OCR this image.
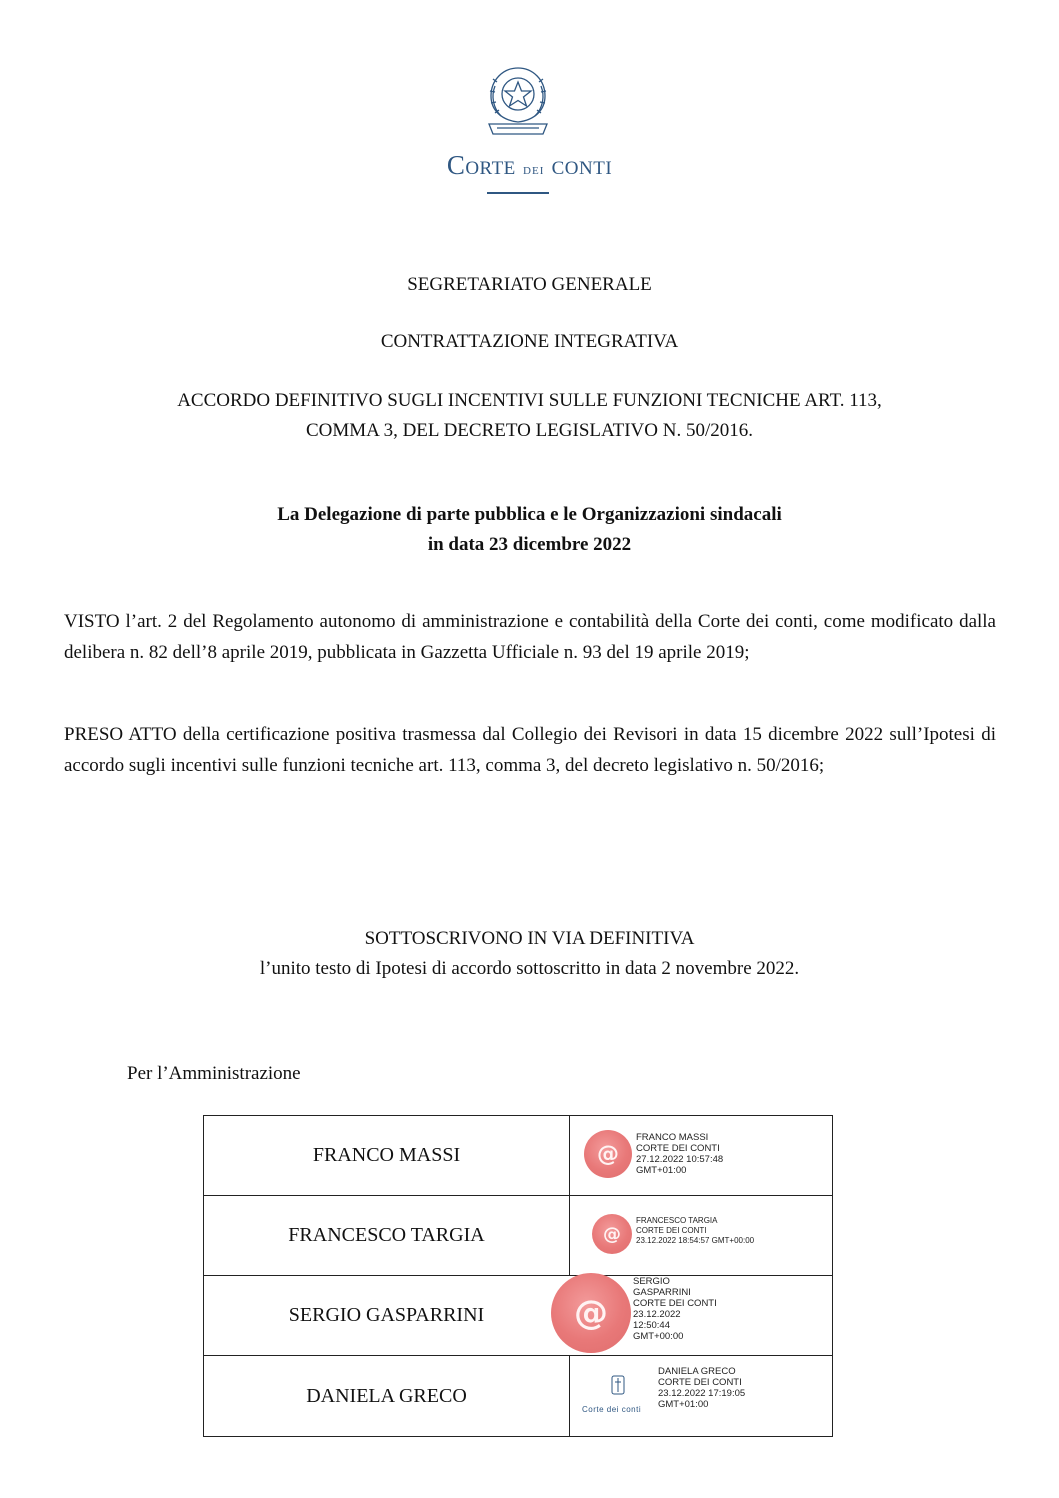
Corte dei conti
SEGRETARIATO GENERALE
CONTRATTAZIONE INTEGRATIVA
ACCORDO DEFINITIVO SUGLI INCENTIVI SULLE FUNZIONI TECNICHE ART. 113,
COMMA 3, DEL DECRETO LEGISLATIVO N. 50/2016.
La Delegazione di parte pubblica e le Organizzazioni sindacali
in data 23 dicembre 2022
VISTO l’art. 2 del Regolamento autonomo di amministrazione e contabilità della Corte dei conti, come modificato dalla delibera n. 82 dell’8 aprile 2019, pubblicata in Gazzetta Ufficiale n. 93 del 19 aprile 2019;
PRESO ATTO della certificazione positiva trasmessa dal Collegio dei Revisori in data 15 dicembre 2022 sull’Ipotesi di accordo sugli incentivi sulle funzioni tecniche art. 113, comma 3, del decreto legislativo n. 50/2016;
SOTTOSCRIVONO IN VIA DEFINITIVA
l’unito testo di Ipotesi di accordo sottoscritto in data 2 novembre 2022.
Per l’Amministrazione
FRANCO MASSI	@
FRANCO MASSI
CORTE DEI CONTI
27.12.2022 10:57:48
GMT+01:00
FRANCESCO TARGIA	@
FRANCESCO TARGIA
CORTE DEI CONTI
23.12.2022 18:54:57 GMT+00:00
SERGIO GASPARRINI	@
SERGIO
GASPARRINI
CORTE DEI CONTI
23.12.2022
12:50:44
GMT+00:00
DANIELA GRECO
Corte dei conti
DANIELA GRECO
CORTE DEI CONTI
23.12.2022 17:19:05
GMT+01:00
